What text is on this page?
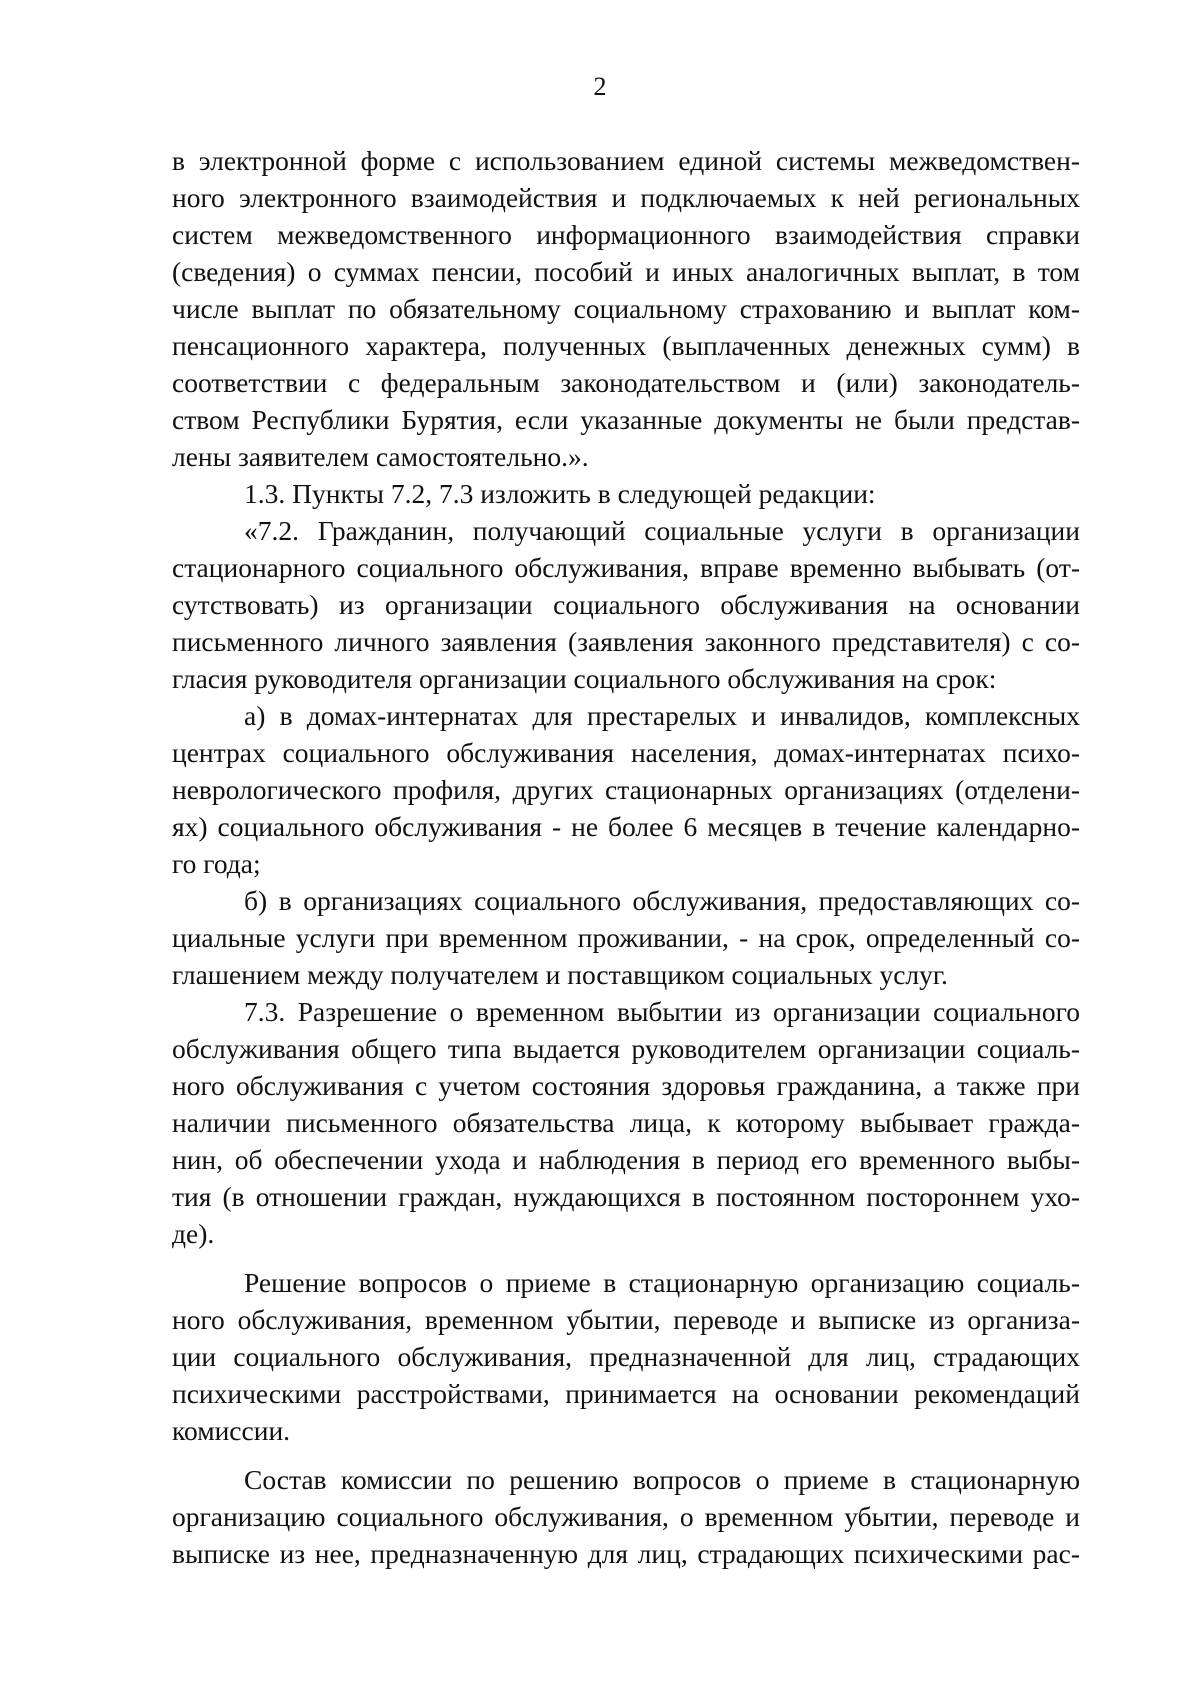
2
в электронной форме с использованием единой системы межведомствен-
ного электронного взаимодействия и подключаемых к ней региональных
систем межведомственного информационного взаимодействия справки
(сведения) о суммах пенсии, пособий и иных аналогичных выплат, в том
числе выплат по обязательному социальному страхованию и выплат ком-
пенсационного характера, полученных (выплаченных денежных сумм) в
соответствии с федеральным законодательством и (или) законодатель-
ством Республики Бурятия, если указанные документы не были представ-
лены заявителем самостоятельно.».
1.3. Пункты 7.2, 7.3 изложить в следующей редакции:
«7.2. Гражданин, получающий социальные услуги в организации
стационарного социального обслуживания, вправе временно выбывать (от-
сутствовать) из организации социального обслуживания на основании
письменного личного заявления (заявления законного представителя) с со-
гласия руководителя организации социального обслуживания на срок:
а) в домах-интернатах для престарелых и инвалидов, комплексных
центрах социального обслуживания населения, домах-интернатах психо-
неврологического профиля, других стационарных организациях (отделени-
ях) социального обслуживания - не более 6 месяцев в течение календарно-
го года;
б) в организациях социального обслуживания, предоставляющих со-
циальные услуги при временном проживании, - на срок, определенный со-
глашением между получателем и поставщиком социальных услуг.
7.3. Разрешение о временном выбытии из организации социального
обслуживания общего типа выдается руководителем организации социаль-
ного обслуживания с учетом состояния здоровья гражданина, а также при
наличии письменного обязательства лица, к которому выбывает гражда-
нин, об обеспечении ухода и наблюдения в период его временного выбы-
тия (в отношении граждан, нуждающихся в постоянном постороннем ухо-
де).
Решение вопросов о приеме в стационарную организацию социаль-
ного обслуживания, временном убытии, переводе и выписке из организа-
ции социального обслуживания, предназначенной для лиц, страдающих
психическими расстройствами, принимается на основании рекомендаций
комиссии.
Состав комиссии по решению вопросов о приеме в стационарную
организацию социального обслуживания, о временном убытии, переводе и
выписке из нее, предназначенную для лиц, страдающих психическими рас-
